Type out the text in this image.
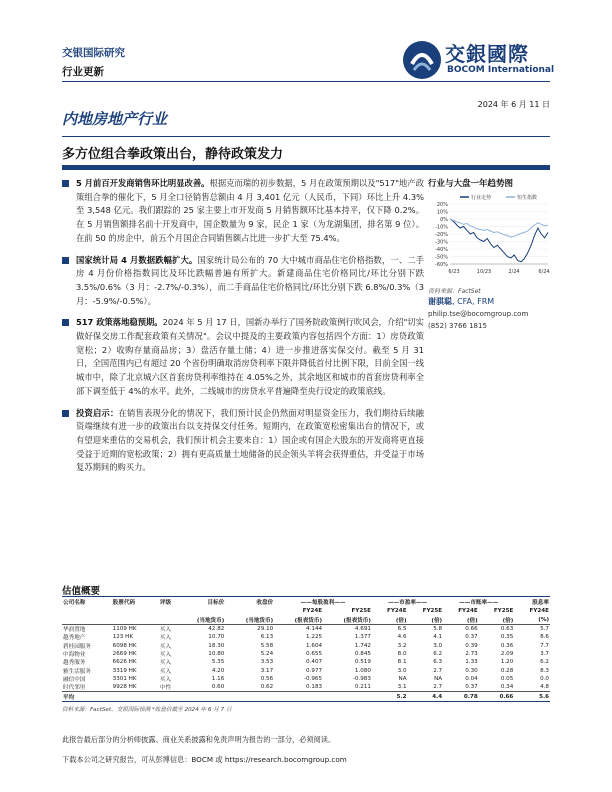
交银国际研究
行业更新
交銀國際
BOCOM International
2024 年 6 月 11 日
内地房地产行业
多方位组合拳政策出台，静待政策发力
5 月前百开发商销售环比明显改善。根据克而瑞的初步数据，5 月在政策预期以及"517"地产政策组合拳的催化下，5 月全口径销售总额由 4 月 3,401 亿元（人民币，下同）环比上升 4.3%至 3,548 亿元。我们跟踪的 25 家主要上市开发商 5 月销售额环比基本持平，仅下降 0.2%。在 5 月销售额排名前十开发商中，国企数量为 9 家，民企 1 家（为龙湖集团，排名第 9 位）。在前 50 的房企中，前五个月国企合同销售额占比进一步扩大至 75.4%。
国家统计局 4 月数据跌幅扩大。国家统计局公布的 70 大中城市商品住宅价格指数，一、二手房 4 月份价格指数同比及环比跌幅普遍有所扩大。新建商品住宅价格同比/环比分别下跌 3.5%/0.6%（3 月：-2.7%/-0.3%），而二手商品住宅价格同比/环比分别下跌 6.8%/0.3%（3 月：-5.9%/-0.5%）。
517 政策落地稳预期。2024 年 5 月 17 日，国新办举行了国务院政策例行吹风会，介绍"切实做好保交房工作配套政策有关情况"。会议中提及的主要政策内容包括四个方面：1）房贷政策宽松；2）收购存量商品房；3）盘活存量土储；4）进一步推进落实保交付。截至 5 月 31 日，全国范围内已有超过 20 个省份明确取消房贷利率下限并降低首付比例下限，目前全国一线城市中，除了北京城六区首套房贷利率维持在 4.05%之外，其余地区和城市的首套房贷利率全部下调至低于 4%的水平。此外，二线城市的房贷水平普遍降至央行设定的政策底线。
投资启示：在销售表现分化的情况下，我们预计民企仍然面对明显资金压力，我们期待后续融资端继续有进一步的政策出台以支持保交付任务。短期内，在政策宽松密集出台的情况下，或有望迎来重估的交易机会，我们预计机会主要来自：1）国企或有国企大股东的开发商将更直接受益于近期的宽松政策；2）拥有更高质量土地储备的民企领头羊将会获得重估，并受益于市场复苏期间的购买力。
行业与大盘一年趋势图
行业走势	恒生指数
20%
10%
0%
-10%
-20%
-30%
-40%
-50%
-60%
6/23	10/23	2/24	6/24
资料来源：FactSet
谢骐聪, CFA, FRM
philip.tse@bocomgroup.com
(852) 3766 1815
估值概要
公司名称	股票代码	评级	目标价	收盘价	——每股盈利——		——市盈率——		——市账率——		股息率
					FY24E	FY25E	FY24E	FY25E	FY24E	FY25E	FY24E
			(当地货币)	(当地货币)	(报表货币)	(报表货币)	(倍)	(倍)	(倍)	(倍)	(%)
华润置地	1109 HK	买入	42.82	29.10	4.144	4.691	6.5	5.8	0.66	0.63	5.7
越秀地产	123 HK	买入	10.70	6.13	1.225	1.377	4.6	4.1	0.37	0.35	8.6
碧桂园服务	6098 HK	买入	18.30	5.58	1.604	1.742	3.2	3.0	0.39	0.36	7.7
中海物业	2669 HK	买入	10.80	5.24	0.655	0.845	8.0	6.2	2.73	2.09	3.7
越秀服务	6626 HK	买入	5.35	3.53	0.407	0.519	8.1	6.3	1.33	1.20	6.2
雅生活服务	3319 HK	买入	4.20	3.17	0.977	1.080	3.0	2.7	0.30	0.28	8.3
融信中国	3301 HK	买入	1.16	0.56	-0.965	-0.983	NA	NA	0.04	0.05	0.0
时代邻里	9928 HK	中性	0.60	0.62	0.183	0.211	3.1	2.7	0.37	0.34	4.8
平均							5.2	4.4	0.78	0.66	5.6
资料来源：FactSet，交银国际预测 *收盘价截至 2024 年 6 月 7 日
此报告最后部分的分析师披露、商业关系披露和免责声明为报告的一部分，必须阅读。
下载本公司之研究报告，可从彭博信息：BOCM 或 https://research.bocomgroup.com
